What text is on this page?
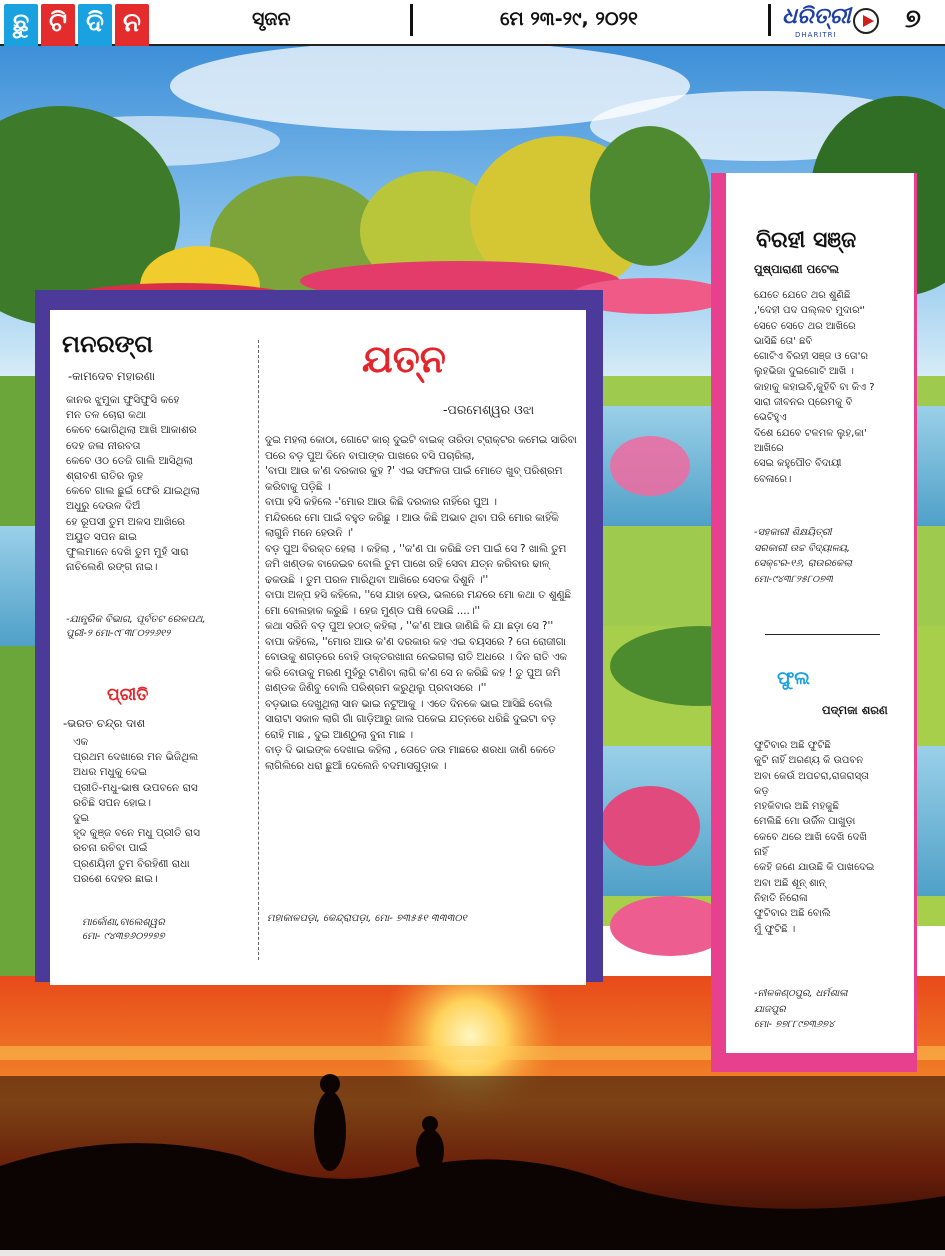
ଛୁ ଟି ଦି ନ	ସୃଜନ	ମେ ୨୩-୨୯, ୨୦୨୧	ଧରିତ୍ରୀ
DHARITRI
୭
ମନରଙ୍ଗ
-କାମଦେବ ମହାରଣା
କାନର ଝୁମୁକା ଫୁସିଫୁସି କହେ
ମନ ତଳ ଚୋରା କଥା
କେବେ ଭୋଗିଥିଲା ଆଖି ଆକାଶର
ଦେହ ଜଳା ନୀରବତା
କେବେ ଓଠ ତେଜି ଗାଲି ଆସିଥିଲା
ଶ୍ରାବଣ ରାତିର ଲୁହ
କେବେ ଗାଲ ଛୁଇଁ ଫେରି ଯାଇଥିଲା
ଅଧୁରୁ ଦେଉଳ ଦିଅଁ
ହେ ରୂପସୀ ତୁମ ଅଳସ ଆଖିରେ
ଅୟୁତ ସପନ ଛାଇ
ଫୁଲମାନେ ଦେଖି ତୁମ ମୁହଁ ସାରା
ନାଚିଲେଣି ରଙ୍ଗ ନାଇ।
-ଯାନ୍ତ୍ରିକ ବିଭାଗ, ପୂର୍ବତଟ ରେଳପଥ,
ପୁରୀ-୨ ମୋ-୯୮୩୮୦୨୨୬୧୨
ପ୍ରୀତି
-ଭରତ ଚନ୍ଦ୍ର ଦାଶ
ଏକ
ପ୍ରଥମ ଦେଖାରେ ମନ ଭିଜିଥିଲ
ଅଧର ମଧୁକୁ ଦେଇ
ପ୍ରୀତି-ମଧୁ-ଭାଷ ଉପବନେ ରାସ
ରଚିଛି ସପନ ହୋଇ।
ଦୁଇ
ହୃଦ କୁଞ୍ଜ ବନେ ମଧୁ ପ୍ରୀତି ରାସ
ରଚନା ରଚିବା ପାଇଁ
ପ୍ରଣୟିନୀ ତୁମ ବିରହିଣୀ ରାଧା
ପରଶେ ଦେହର ଛାଇ।
ମାର୍କୋଣା,ବାଲେଶ୍ୱର
ମୋ- ୯୪୩୭୬୦୨୨୭୭
ଯତ୍ନ
-ପରମେଶ୍ୱର ଓଝା
ଦୁଇ ମହଲା କୋଠା, ଗୋଟେ କାର୍‌ ଦୁଇଟି ବାଇକ୍‌ ତାରିଡା ଟ୍ରାକ୍ଟର କମେଇ ସାରିବା ପରେ ବଡ଼ ପୁଅ ଦିନେ ବାପାଙ୍କ ପାଖରେ ବସି ପଚାରିଲା,
'ବାପା ଆଉ କ'ଣ ଦରକାର କୁହ ?' ଏଇ ସଫଳତା ପାଇଁ ମୋତେ ଖୁବ୍‌ ପରିଶ୍ରମ କରିବାକୁ ପଡ଼ିଛି ।
ବାପା ହସି କହିଲେ -'ମୋର ଆଉ କିଛି ଦରକାର ନାହିଁରେ ପୁଅ ।
ମନ୍ଦିରରେ ମୋ ପାଇଁ ବହୁତ କରିଛୁ । ଆଉ କିଛି ଅଭାବ ଥିବା ପରି ମୋର କାହିଁକି ଲାଗୁନି ମନେ ହେଉନି ।'
ବଡ଼ ପୁଅ ବିରକ୍ତ ହେଲା । କହିଲା , ''କ'ଣ ପା କରିଛି ତମ ପାଇଁ ସେ ? ଖାଲି ତୁମ ଜମି ଖଣ୍ଡକ ବାଜେଇବ ବୋଲି ତୁମ ପାଖେ ରହି ସେବା ଯତ୍ନ କରିବାର ଢାଳ୍‌ ଢକଉଛି । ତୁମ ପରଳ ମାରିଥିବା ଆଖିରେ ସେତକ ଦିଶୁନି ।''
ବାପା ଅଳ୍ପ ହସି କହିଲେ, ''ସେ ଯାହା ହେଉ, ଭଲରେ ମନ୍ଦରେ ମୋ କଥା ତ ଶୁଣୁଛି ମୋ ବୋଲହାକ କରୁଛି । ହେଜ ମୁଣ୍ଡ ଘଷି ଦେଉଛି ....।''
କଥା ସରିନି ବଡ଼ ପୁଅ ହଠାତ୍‌ କହିଲା , ''କ'ଣ ଆଉ ଜାଣିଛି କି ଯା ଛଡ଼ା ସେ ?''
ବାପା କହିଲେ, ''ମୋର ଆଉ କ'ଣ ଦରକାର କହ ଏଇ ବୟସରେ ? ତୋ ରୋଜୀଗା ବୋଉକୁ ଶଗଡ଼ରେ ବୋହି ଡାକ୍ତରଖାନା ନେଇଗଲା ରାତି ଅଧରେ । ଦିନ ରାତି ଏକ କରି ବୋଉକୁ ମରଣ ମୁହଁରୁ ଟାଣିବା ଲାଗି କ'ଣ ସେ ନ କରିଛି କହ ! ତୁ ପୁଅ ଜମି ଖଣ୍ଡକ ଜିଣିବୁ ବୋଲି ପରିଶ୍ରମ କରୁଥିଲୁ ପ୍ରବାସରେ ।''
ବଡ଼ଭାଇ ଦେଖୁଥିଲା ସାନ ଭାଇ ନଟୁଆକୁ । ଏତେ ଦିନକେ ଭାଇ ଆସିଛି ବୋଲି ସାରାଟା ସକାଳ ଲାଗି ଗାଁ ଗାଡ଼ିଆରୁ ଜାଲ ପକେଇ ଯତ୍ନରେ ଧରିଛି ଦୁଇଟା ବଡ଼ ରୋହି ମାଛ , ଦୁଇ ଆଣ୍ଠୁଲା ବୁନା ମାଛ ।
ବାଡ଼ ଦି ଭାଇଙ୍କ ଦେଖାଇ କହିଲା , ତୋତେ ଜଉ ମାଛରେ ଶରଧା ଜାଣି କେତେ ଲାଗିଲିରେ ଧରା ଛୁଆଁ ଦେଲେନି ବଦମାସଗୁଡ଼ାକ ।
ମହାକାଳପଡ଼ା, କେନ୍ଦ୍ରାପଡ଼ା, ମୋ- ୭୩୫୫୧ ୩୩୩୦୧
ବିରହୀ ସଞ୍ଜ
ପୁଷ୍ପାରାଣୀ ପଟେଲ
ଯେତେ ଯେତେ ଥର ଶୁଣିଛି
,'ଦେହୀ ପଦ ପଲ୍ଲବ ମୁଦାରଂ'
ସେତେ ସେତେ ଥର ଆଖିରେ
ଭାସିଛି ତୋ' ଛବି
ଗୋଟିଏ ବିରହୀ ସଞ୍ଜ ଓ ତୋ'ର
ଲୁହଭିଜା ଦୁଇଗୋଟି ଆଖି ।
କାହାକୁ କହାଇବି,କୁହିବି ବା କିଏ ?
ସାରା ଜୀବନର ପ୍ରେମକୁ ବି
ଭେଟିହୁଏ
ଦିଶେ ଯେବେ ଟଳମଳ ଲୁହ,କା'
ଆଖିରେ
ସେଇ କହୁପୌତ ବିଦାୟୀ
ବେଳାରେ।
-ସହକାରୀ ଶିକ୍ଷୟିତ୍ରୀ
ସରକାରୀ ଉଚ୍ଚ ବିଦ୍ୟାଳୟ,
ସେକ୍ଟର-୧୬, ରାଉରକେଲା
ମୋ-୯୪୩୮୨୫୮୦୭୩
ଫୁଲ
ପଦ୍ମଜା ଶରଣ
ଫୁଟିବାର ଅଛି ଫୁଟିଛି
କୁଟି ନାହିଁ ଅରଣ୍ୟ କି ଉପବନ
ଅବା କେଉଁ ଅପଚରା,ରାଜରାସ୍ତା
କଡ଼
ମହକିବାର ଅଛି ମହକୁଛି
ମେଲିଛି ମୋ ଉର୍ଜିଳ ପାଖୁଡ଼ା
କେବେ ଥରେ ଆଖି ଦେଖି ଦେଖି
ନାହିଁ
କେହି ଜଣେ ଯାଉଛି କି ପାଖଦେଇ
ଅବା ଅଛି ଶୂନ୍‌ ଶାନ୍‌
ନିହାତି ନିରୋଳା
ଫୁଟିବାର ଅଛି ବୋଲି
ମୁଁ ଫୁଟିଛି ।
-ନୀଳକଣ୍ଠପୁର, ଧର୍ମଶାଳା
ଯାଜପୁର
ମୋ- ୭୭୮୮୯୭୩୬୭୪
